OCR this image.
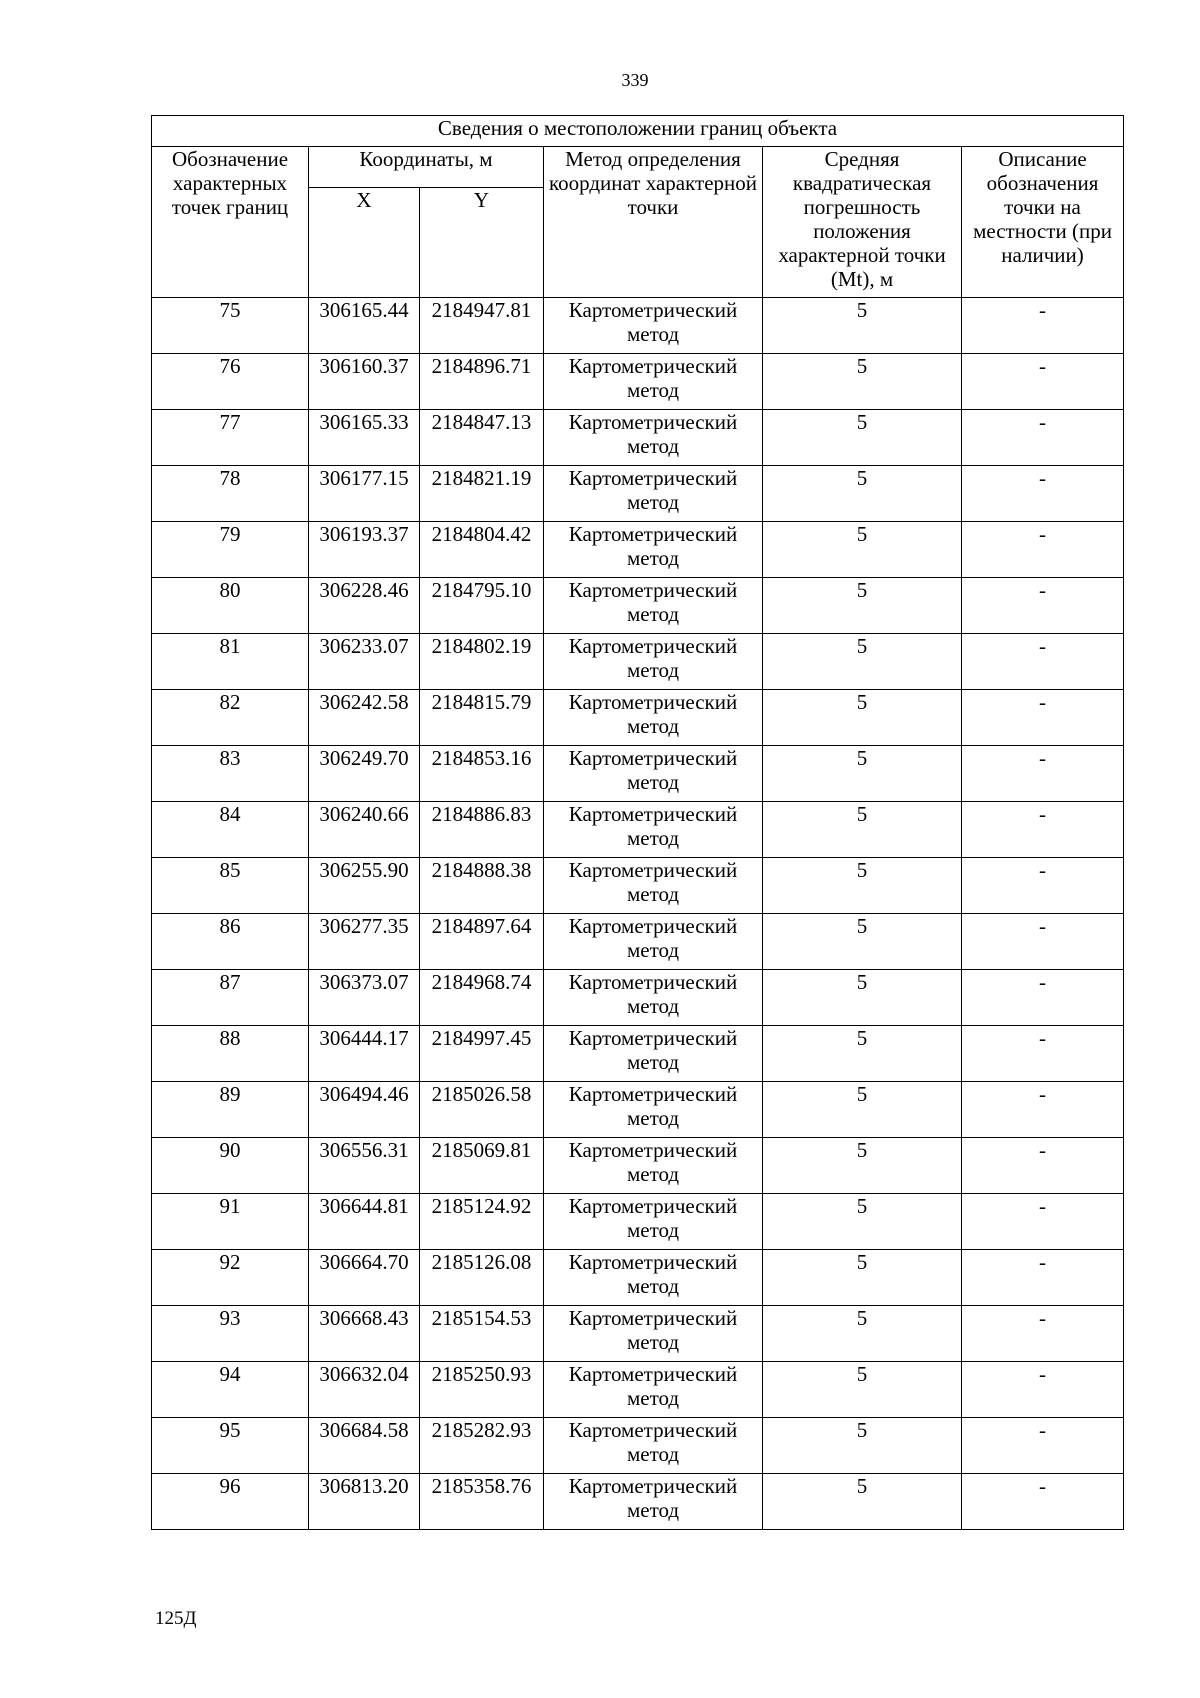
339
Сведения о местоположении границ объекта					
Обозначение характерных точек границ	Координаты, м		Метод определения координат характерной точки	Средняя квадратическая погрешность положения характерной точки (Mt), м	Описание обозначения точки на местности (при наличии)
	X	Y			
75	306165.44	2184947.81	Картометрический метод	5	-
76	306160.37	2184896.71	Картометрический метод	5	-
77	306165.33	2184847.13	Картометрический метод	5	-
78	306177.15	2184821.19	Картометрический метод	5	-
79	306193.37	2184804.42	Картометрический метод	5	-
80	306228.46	2184795.10	Картометрический метод	5	-
81	306233.07	2184802.19	Картометрический метод	5	-
82	306242.58	2184815.79	Картометрический метод	5	-
83	306249.70	2184853.16	Картометрический метод	5	-
84	306240.66	2184886.83	Картометрический метод	5	-
85	306255.90	2184888.38	Картометрический метод	5	-
86	306277.35	2184897.64	Картометрический метод	5	-
87	306373.07	2184968.74	Картометрический метод	5	-
88	306444.17	2184997.45	Картометрический метод	5	-
89	306494.46	2185026.58	Картометрический метод	5	-
90	306556.31	2185069.81	Картометрический метод	5	-
91	306644.81	2185124.92	Картометрический метод	5	-
92	306664.70	2185126.08	Картометрический метод	5	-
93	306668.43	2185154.53	Картометрический метод	5	-
94	306632.04	2185250.93	Картометрический метод	5	-
95	306684.58	2185282.93	Картометрический метод	5	-
96	306813.20	2185358.76	Картометрический метод	5	-
125Д
